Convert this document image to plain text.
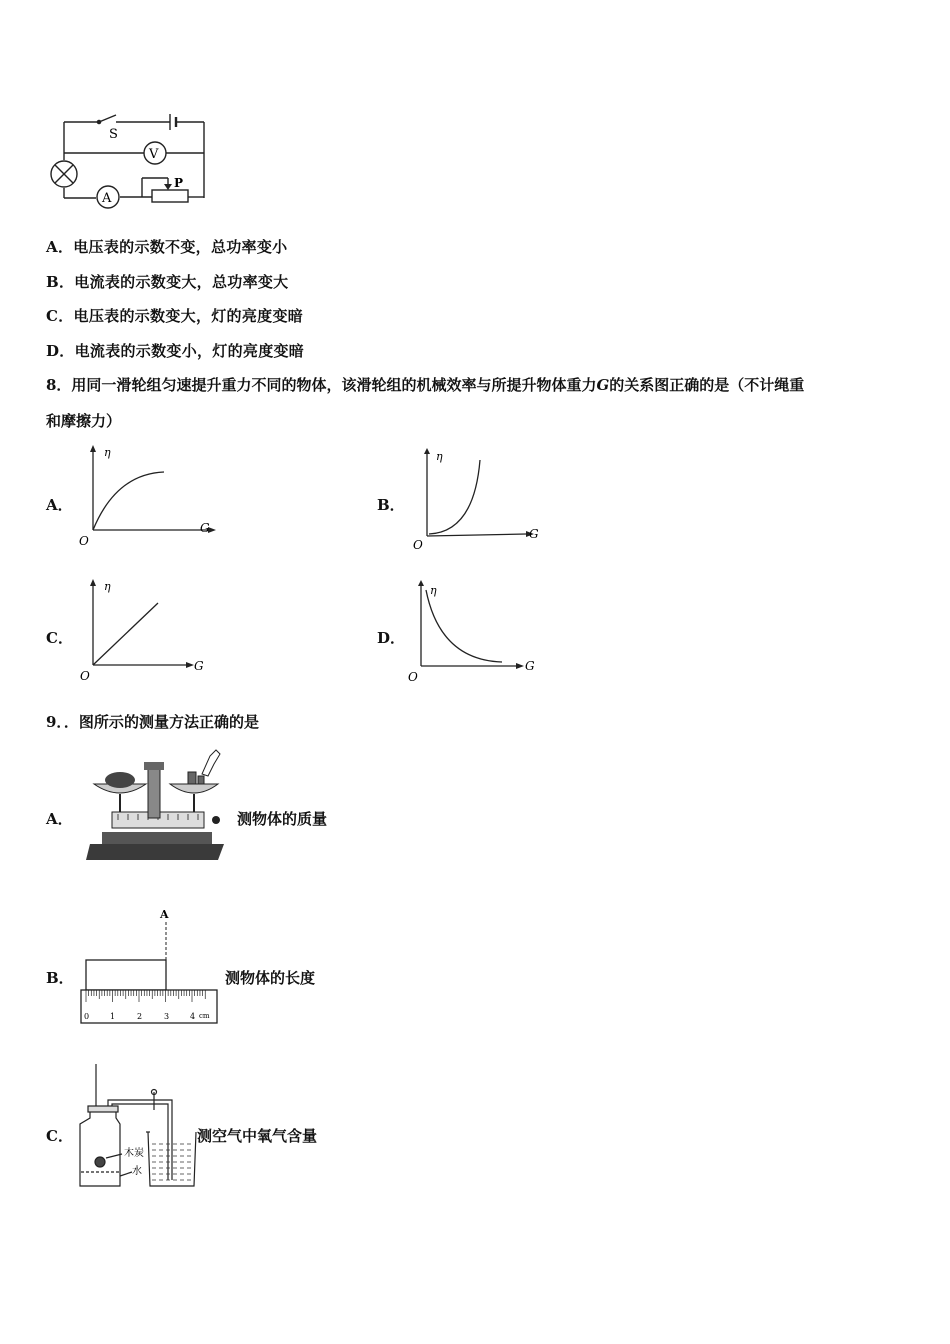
S
V
A
P
A．电压表的示数不变，总功率变小
B．电流表的示数变大，总功率变大
C．电压表的示数变大，灯的亮度变暗
D．电流表的示数变小，灯的亮度变暗
8．用同一滑轮组匀速提升重力不同的物体，该滑轮组的机械效率与所提升物体重力G的关系图正确的是（不计绳重
和摩擦力）
A．
η
G
O
B．
η
G
O
C．
η
G
O
D．
η
G
O
9．．图所示的测量方法正确的是
A．	测物体的质量
B．
A
0	1	2	3	4 cm
测物体的长度
C．
木炭
水
测空气中氧气含量
